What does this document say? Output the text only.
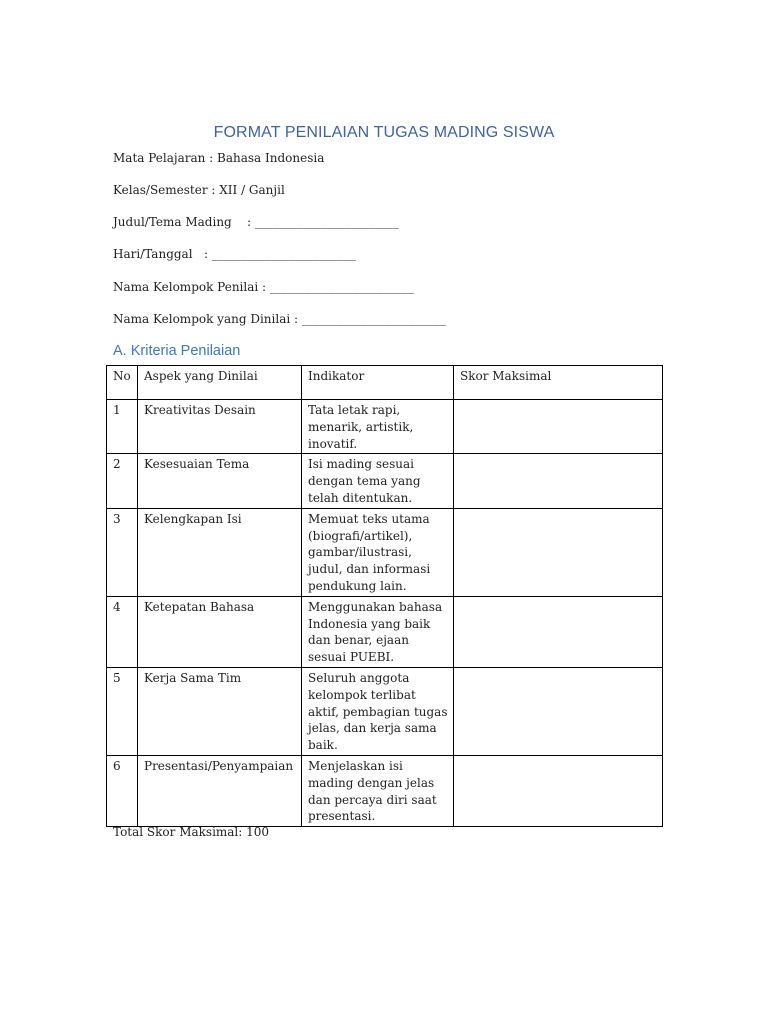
FORMAT PENILAIAN TUGAS MADING SISWA
Mata Pelajaran : Bahasa Indonesia
Kelas/Semester : XII / Ganjil
Judul/Tema Mading    : ________________________
Hari/Tanggal   : ________________________
Nama Kelompok Penilai : ________________________
Nama Kelompok yang Dinilai : ________________________
A. Kriteria Penilaian
No	Aspek yang Dinilai	Indikator	Skor Maksimal
1	Kreativitas Desain	Tata letak rapi, menarik, artistik, inovatif.	
2	Kesesuaian Tema	Isi mading sesuai dengan tema yang telah ditentukan.	
3	Kelengkapan Isi	Memuat teks utama (biografi/artikel), gambar/ilustrasi, judul, dan informasi pendukung lain.	
4	Ketepatan Bahasa	Menggunakan bahasa Indonesia yang baik dan benar, ejaan sesuai PUEBI.	
5	Kerja Sama Tim	Seluruh anggota kelompok terlibat aktif, pembagian tugas jelas, dan kerja sama baik.	
6	Presentasi/Penyampaian	Menjelaskan isi mading dengan jelas dan percaya diri saat presentasi.	
Total Skor Maksimal: 100
